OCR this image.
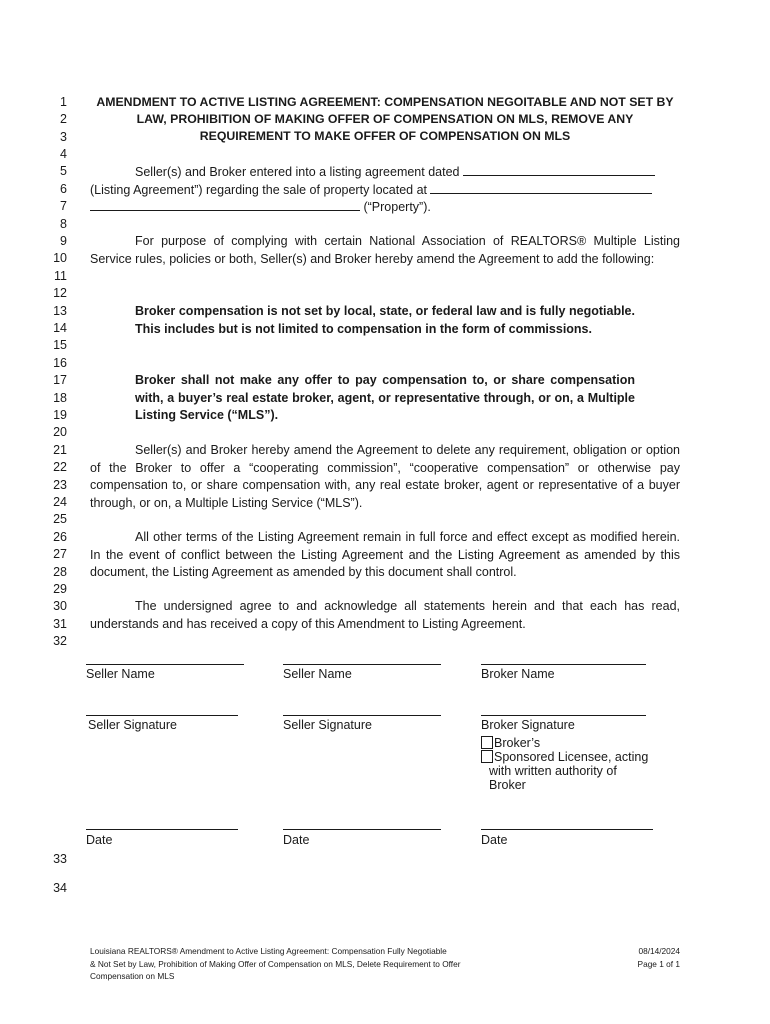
1
2
3
4
5
6
7
8
9
10
11
12
13
14
15
16
17
18
19
20
21
22
23
24
25
26
27
28
29
30
31
32
33
34
AMENDMENT TO ACTIVE LISTING AGREEMENT: COMPENSATION NEGOITABLE AND NOT SET BY
LAW, PROHIBITION OF MAKING OFFER OF COMPENSATION ON MLS, REMOVE ANY
REQUIREMENT TO MAKE OFFER OF COMPENSATION ON MLS
Seller(s) and Broker entered into a listing agreement dated
(Listing Agreement”) regarding the sale of property located at
(“Property”).
For purpose of complying with certain National Association of REALTORS® Multiple Listing Service rules, policies or both, Seller(s) and Broker hereby amend the Agreement to add the following:
Broker compensation is not set by local, state, or federal law and is fully negotiable. This includes but is not limited to compensation in the form of commissions.
Broker shall not make any offer to pay compensation to, or share compensation with, a buyer’s real estate broker, agent, or representative through, or on, a Multiple Listing Service (“MLS”).
Seller(s) and Broker hereby amend the Agreement to delete any requirement, obligation or option of the Broker to offer a “cooperating commission”, “cooperative compensation” or otherwise pay compensation to, or share compensation with, any real estate broker, agent or representative of a buyer through, or on, a Multiple Listing Service (“MLS”).
All other terms of the Listing Agreement remain in full force and effect except as modified herein. In the event of conflict between the Listing Agreement and the Listing Agreement as amended by this document, the Listing Agreement as amended by this document shall control.
The undersigned agree to and acknowledge all statements herein and that each has read, understands and has received a copy of this Amendment to Listing Agreement.
Seller Name	Seller Name	Broker Name
Seller Signature	Seller Signature	Broker Signature
Broker’s
Sponsored Licensee, acting
with written authority of
Broker
Date	Date	Date
Louisiana REALTORS® Amendment to Active Listing Agreement: Compensation Fully Negotiable
& Not Set by Law, Prohibition of Making Offer of Compensation on MLS, Delete Requirement to Offer
Compensation on MLS
08/14/2024
Page 1 of 1
